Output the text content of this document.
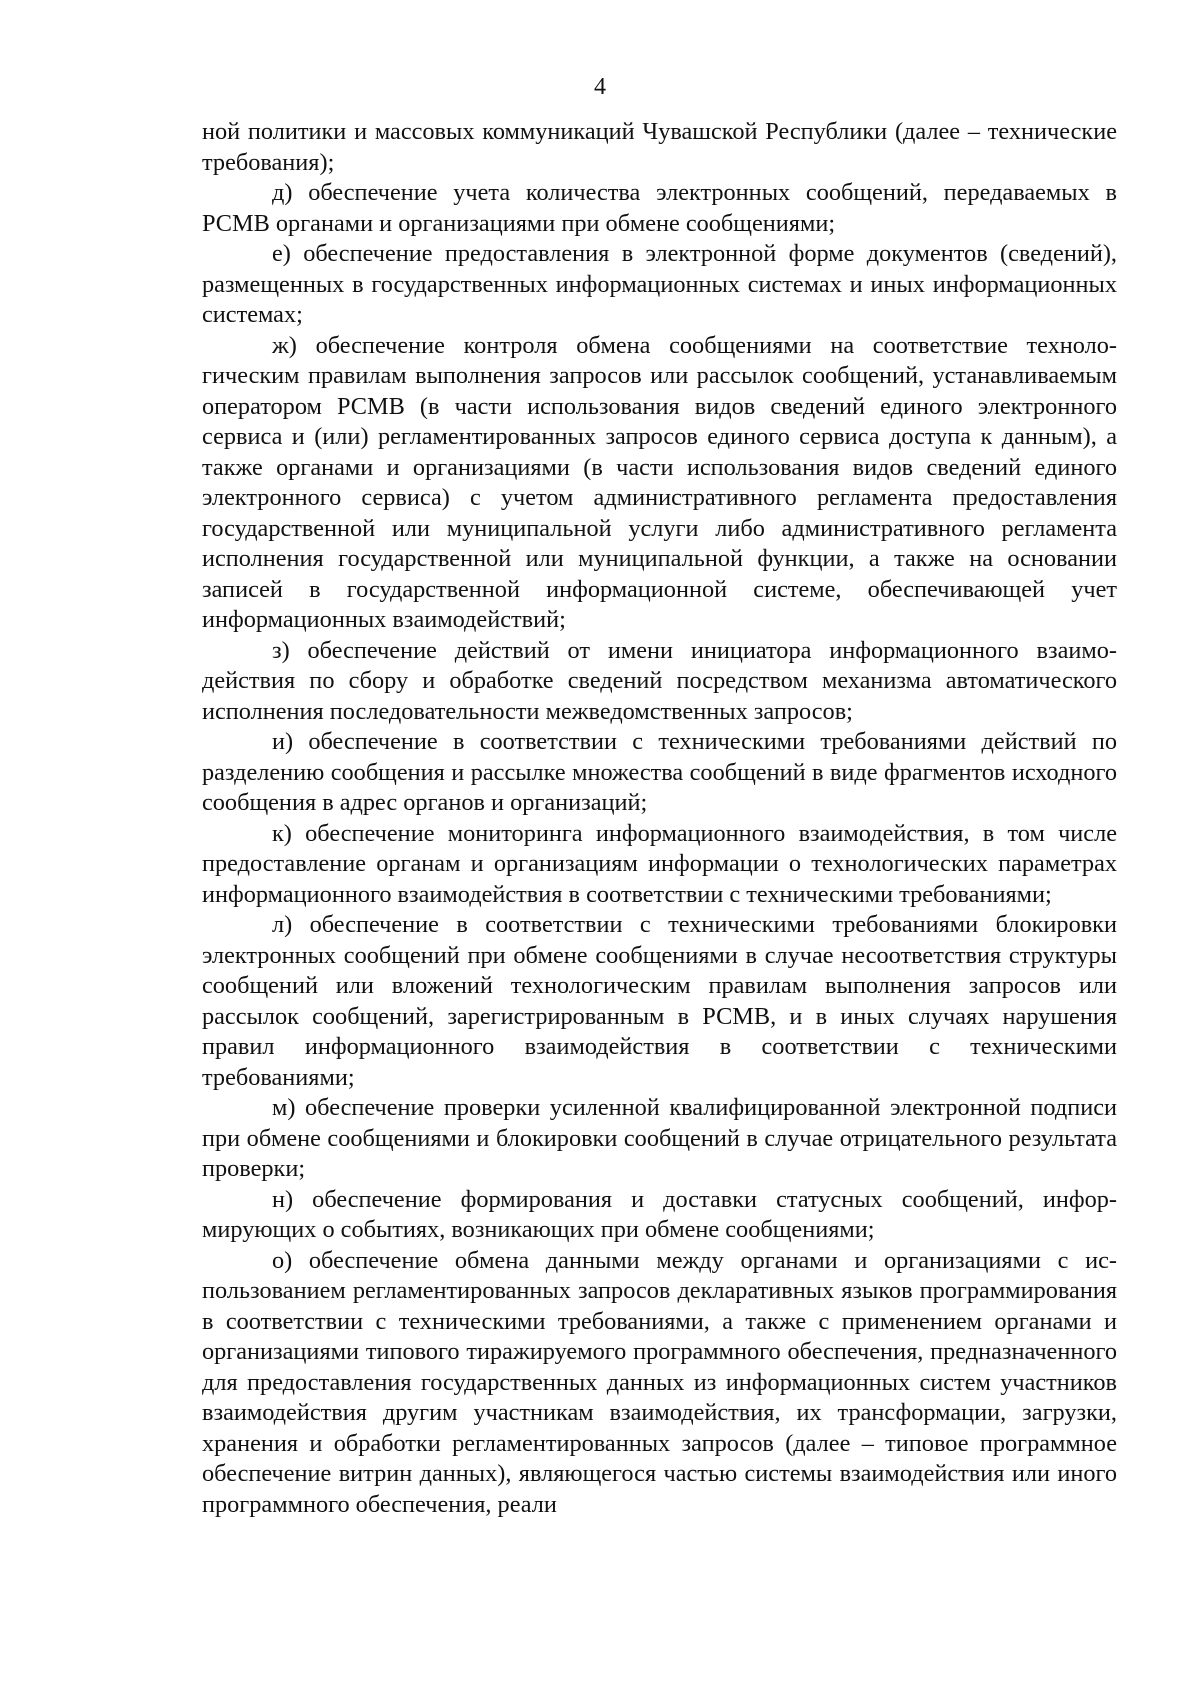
4

ной политики и массовых коммуникаций Чувашской Республики (далее – технические требования);

д) обеспечение учета количества электронных сообщений, передаваемых в РСМВ органами и организациями при обмене сообщениями;

е) обеспечение предоставления в электронной форме документов (сведений), размещенных в государственных информационных системах и иных информационных системах;

ж) обеспечение контроля обмена сообщениями на соответствие технологическим правилам выполнения запросов или рассылок сообщений, устанавливаемым оператором РСМВ (в части использования видов сведений единого электронного сервиса и (или) регламентированных запросов единого сервиса доступа к данным), а также органами и организациями (в части использования видов сведений единого электронного сервиса) с учетом административного регламента предоставления государственной или муниципальной услуги либо административного регламента исполнения государственной или муниципальной функции, а также на основании записей в государственной информационной системе, обеспечивающей учет информационных взаимодействий;

з) обеспечение действий от имени инициатора информационного взаимодействия по сбору и обработке сведений посредством механизма автоматического исполнения последовательности межведомственных запросов;

и) обеспечение в соответствии с техническими требованиями действий по разделению сообщения и рассылке множества сообщений в виде фрагментов исходного сообщения в адрес органов и организаций;

к) обеспечение мониторинга информационного взаимодействия, в том числе предоставление органам и организациям информации о технологических параметрах информационного взаимодействия в соответствии с техническими требованиями;

л) обеспечение в соответствии с техническими требованиями блокировки электронных сообщений при обмене сообщениями в случае несоответствия структуры сообщений или вложений технологическим правилам выполнения запросов или рассылок сообщений, зарегистрированным в РСМВ, и в иных случаях нарушения правил информационного взаимодействия в соответствии с техническими требованиями;

м) обеспечение проверки усиленной квалифицированной электронной подписи при обмене сообщениями и блокировки сообщений в случае отрицательного результата проверки;

н) обеспечение формирования и доставки статусных сообщений, информирующих о событиях, возникающих при обмене сообщениями;

о) обеспечение обмена данными между органами и организациями с использованием регламентированных запросов декларативных языков программирования в соответствии с техническими требованиями, а также с применением органами и организациями типового тиражируемого программного обеспечения, предназначенного для предоставления государственных данных из информационных систем участников взаимодействия другим участникам взаимодействия, их трансформации, загрузки, хранения и обработки регламентированных запросов (далее – типовое программное обеспечение витрин данных), являющегося частью системы взаимодействия или иного программного обеспечения, реали
